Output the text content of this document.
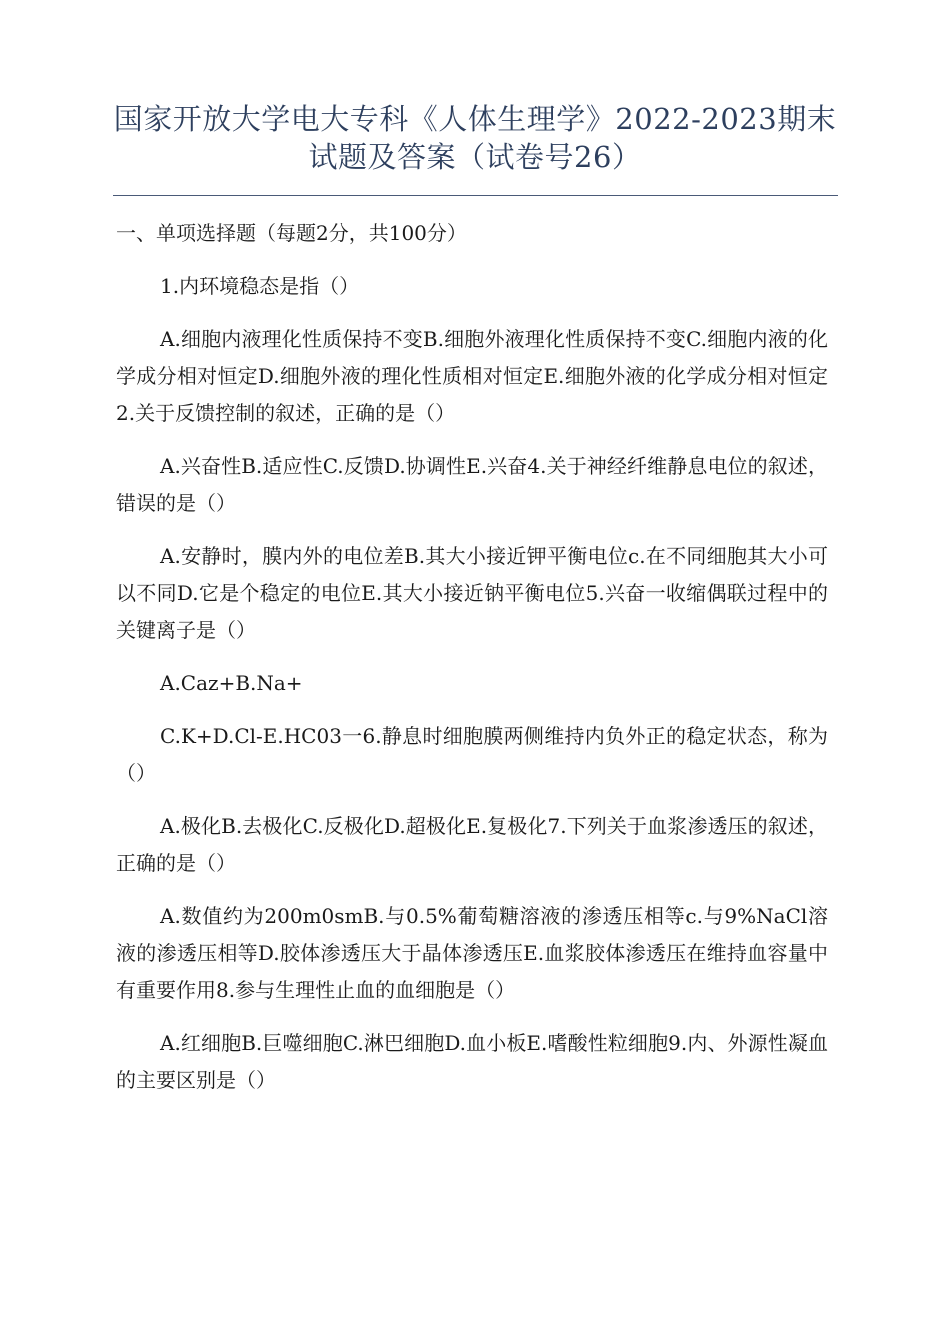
国家开放大学电大专科《人体生理学》2022-2023期末
试题及答案（试卷号26）

一、单项选择题（每题2分，共100分）

1.内环境稳态是指（）

A.细胞内液理化性质保持不变B.细胞外液理化性质保持不变C.细胞内液的化学成分相对恒定D.细胞外液的理化性质相对恒定E.细胞外液的化学成分相对恒定2.关于反馈控制的叙述，正确的是（）

A.兴奋性B.适应性C.反馈D.协调性E.兴奋4.关于神经纤维静息电位的叙述，错误的是（）

A.安静时，膜内外的电位差B.其大小接近钾平衡电位c.在不同细胞其大小可以不同D.它是个稳定的电位E.其大小接近钠平衡电位5.兴奋一收缩偶联过程中的关键离子是（）

A.Caz+B.Na+

C.K+D.Cl-E.HC03一6.静息时细胞膜两侧维持内负外正的稳定状态，称为（）

A.极化B.去极化C.反极化D.超极化E.复极化7.下列关于血浆渗透压的叙述，正确的是（）

A.数值约为200m0smB.与0.5%葡萄糖溶液的渗透压相等c.与9%NaCl溶液的渗透压相等D.胶体渗透压大于晶体渗透压E.血浆胶体渗透压在维持血容量中有重要作用8.参与生理性止血的血细胞是（）

A.红细胞B.巨噬细胞C.淋巴细胞D.血小板E.嗜酸性粒细胞9.内、外源性凝血的主要区别是（）
